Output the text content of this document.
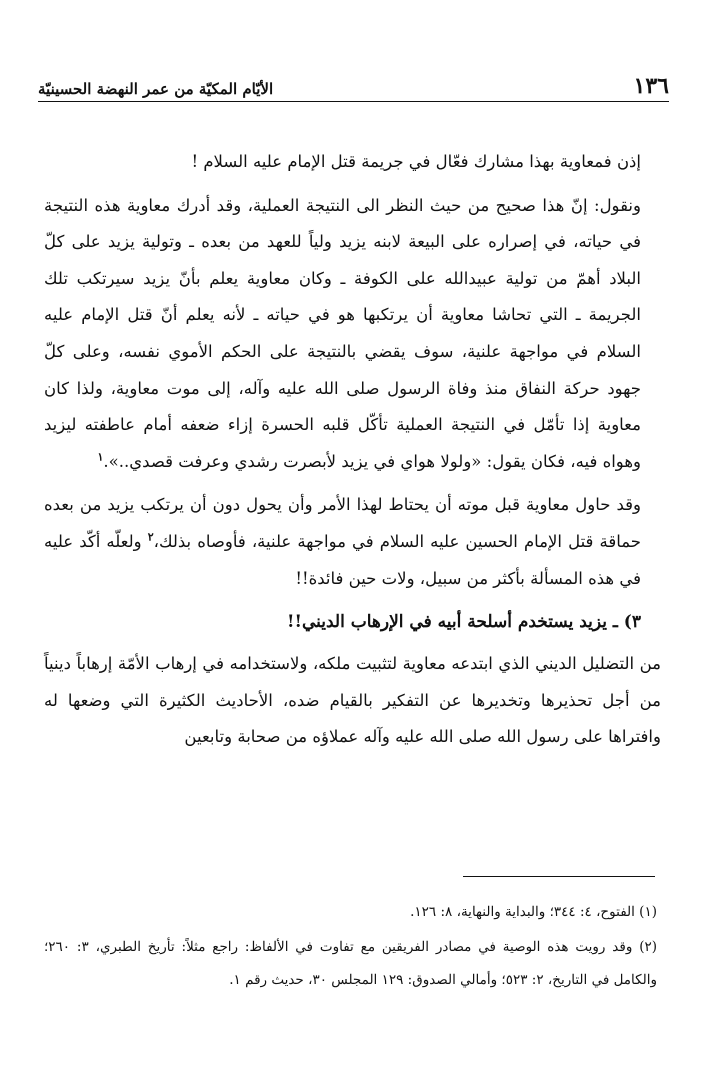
١٣٦
الأيّام المكيّة من عمر النهضة الحسينيّة

إذن فمعاوية بهذا مشارك فعّال في جريمة قتل الإمام عليه السلام !

ونقول: إنّ هذا صحيح من حيث النظر الى النتيجة العملية، وقد أدرك معاوية هذه النتيجة في حياته، في إصراره على البيعة لابنه يزيد ولياً للعهد من بعده ـ وتولية يزيد على كلّ البلاد أهمّ من تولية عبيدالله على الكوفة ـ وكان معاوية يعلم بأنّ يزيد سيرتكب تلك الجريمة ـ التي تحاشا معاوية أن يرتكبها هو في حياته ـ لأنه يعلم أنّ قتل الإمام عليه السلام في مواجهة علنية، سوف يقضي بالنتيجة على الحكم الأموي نفسه، وعلى كلّ جهود حركة النفاق منذ وفاة الرسول صلى الله عليه وآله، إلى موت معاوية، ولذا كان معاوية إذا تأمّل في النتيجة العملية تأكّل قلبه الحسرة إزاء ضعفه أمام عاطفته ليزيد وهواه فيه، فكان يقول: «ولولا هواي في يزيد لأبصرت رشدي وعرفت قصدي..».$^١$

وقد حاول معاوية قبل موته أن يحتاط لهذا الأمر وأن يحول دون أن يرتكب يزيد من بعده حماقة قتل الإمام الحسين عليه السلام في مواجهة علنية، فأوصاه بذلك،$^٢$ ولعلّه أكّد عليه في هذه المسألة بأكثر من سبيل، ولات حين فائدة!!

٣) ـ يزيد يستخدم أسلحة أبيه في الإرهاب الديني!!

من التضليل الديني الذي ابتدعه معاوية لتثبيت ملكه، ولاستخدامه في إرهاب الأمّة إرهاباً دينياً من أجل تحذيرها وتخديرها عن التفكير بالقيام ضده، الأحاديث الكثيرة التي وضعها له وافتراها على رسول الله صلى الله عليه وآله عملاؤه من صحابة وتابعين

(١) الفتوح، ٤: ٣٤٤؛ والبداية والنهاية، ٨: ١٢٦.

(٢) وقد رويت هذه الوصية في مصادر الفريقين مع تفاوت في الألفاظ: راجع مثلاً: تأريخ الطبري، ٣: ٢٦٠؛ والكامل في التاريخ، ٢: ٥٢٣؛ وأمالي الصدوق: ١٢٩ المجلس ٣٠، حديث رقم ١.
